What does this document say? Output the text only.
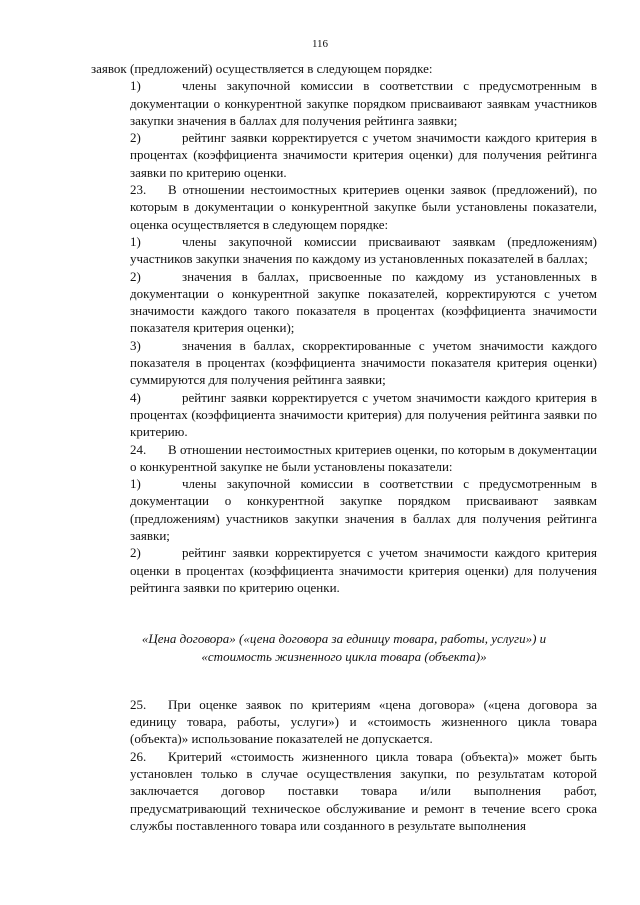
116

заявок (предложений) осуществляется в следующем порядке:

1)	члены закупочной комиссии в соответствии с предусмотренным в документации о конкурентной закупке порядком присваивают заявкам участников закупки значения в баллах для получения рейтинга заявки;

2)	рейтинг заявки корректируется с учетом значимости каждого критерия в процентах (коэффициента значимости критерия оценки) для получения рейтинга заявки по критерию оценки.

23. В отношении нестоимостных критериев оценки заявок (предложений), по которым в документации о конкурентной закупке были установлены показатели, оценка осуществляется в следующем порядке:

1)	члены закупочной комиссии присваивают заявкам (предложениям) участников закупки значения по каждому из установленных показателей в баллах;

2)	значения в баллах, присвоенные по каждому из установленных в документации о конкурентной закупке показателей, корректируются с учетом значимости каждого такого показателя в процентах (коэффициента значимости показателя критерия оценки);

3)	значения в баллах, скорректированные с учетом значимости каждого показателя в процентах (коэффициента значимости показателя критерия оценки) суммируются для получения рейтинга заявки;

4)	рейтинг заявки корректируется с учетом значимости каждого критерия в процентах (коэффициента значимости критерия) для получения рейтинга заявки по критерию.

24. В отношении нестоимостных критериев оценки, по которым в документации о конкурентной закупке не были установлены показатели:

1)	члены закупочной комиссии в соответствии с предусмотренным в документации о конкурентной закупке порядком присваивают заявкам (предложениям) участников закупки значения в баллах для получения рейтинга заявки;

2)	рейтинг заявки корректируется с учетом значимости каждого критерия оценки в процентах (коэффициента значимости критерия оценки) для получения рейтинга заявки по критерию оценки.

«Цена договора» («цена договора за единицу товара, работы, услуги») и
«стоимость жизненного цикла товара (объекта)»

25. При оценке заявок по критериям «цена договора» («цена договора за единицу товара, работы, услуги») и «стоимость жизненного цикла товара (объекта)» использование показателей не допускается.

26. Критерий «стоимость жизненного цикла товара (объекта)» может быть установлен только в случае осуществления закупки, по результатам которой заключается договор поставки товара и/или выполнения работ, предусматривающий техническое обслуживание и ремонт в течение всего срока службы поставленного товара или созданного в результате выполнения
